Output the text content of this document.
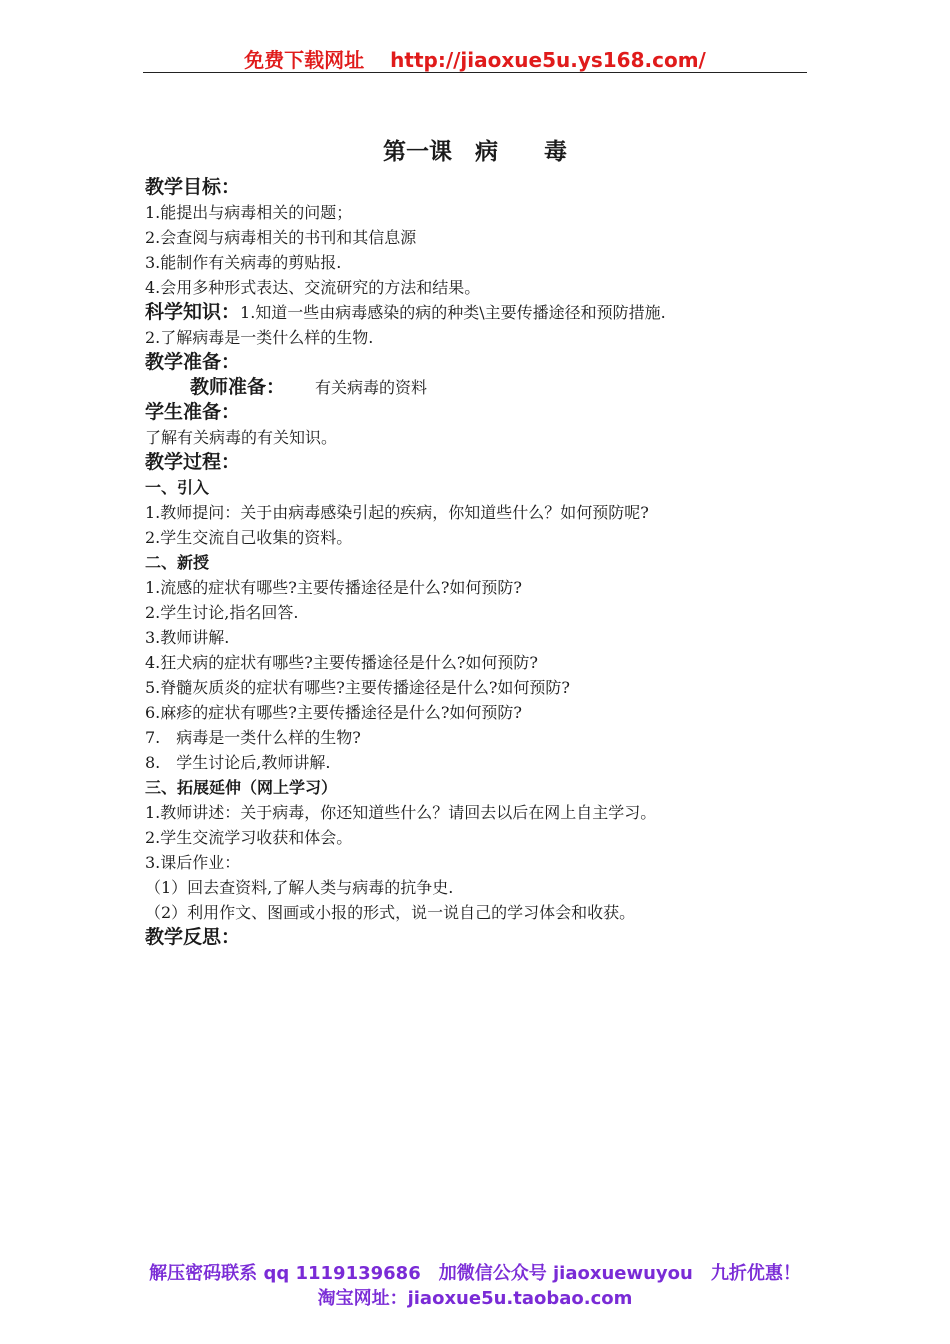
免费下载网址 http://jiaoxue5u.ys168.com/
第一课　病　　毒
教学目标：
1.能提出与病毒相关的问题；
2.会查阅与病毒相关的书刊和其信息源
3.能制作有关病毒的剪贴报.
4.会用多种形式表达、交流研究的方法和结果。
科学知识：1.知道一些由病毒感染的病的种类\主要传播途径和预防措施.
2.了解病毒是一类什么样的生物.
教学准备：
教师准备： 有关病毒的资料
学生准备：
了解有关病毒的有关知识。
教学过程：
一、引入
1.教师提问：关于由病毒感染引起的疾病，你知道些什么？如何预防呢?
2.学生交流自己收集的资料。
二、新授
1.流感的症状有哪些?主要传播途径是什么?如何预防?
2.学生讨论,指名回答.
3.教师讲解.
4.狂犬病的症状有哪些?主要传播途径是什么?如何预防?
5.脊髓灰质炎的症状有哪些?主要传播途径是什么?如何预防?
6.麻疹的症状有哪些?主要传播途径是什么?如何预防?
7.　病毒是一类什么样的生物?
8.　学生讨论后,教师讲解.
三、拓展延伸（网上学习）
1.教师讲述：关于病毒，你还知道些什么？请回去以后在网上自主学习。
2.学生交流学习收获和体会。
3.课后作业：
（1）回去查资料,了解人类与病毒的抗争史.
（2）利用作文、图画或小报的形式，说一说自己的学习体会和收获。
教学反思：
解压密码联系 qq 1119139686　加微信公众号 jiaoxuewuyou　九折优惠！
淘宝网址：jiaoxue5u.taobao.com
